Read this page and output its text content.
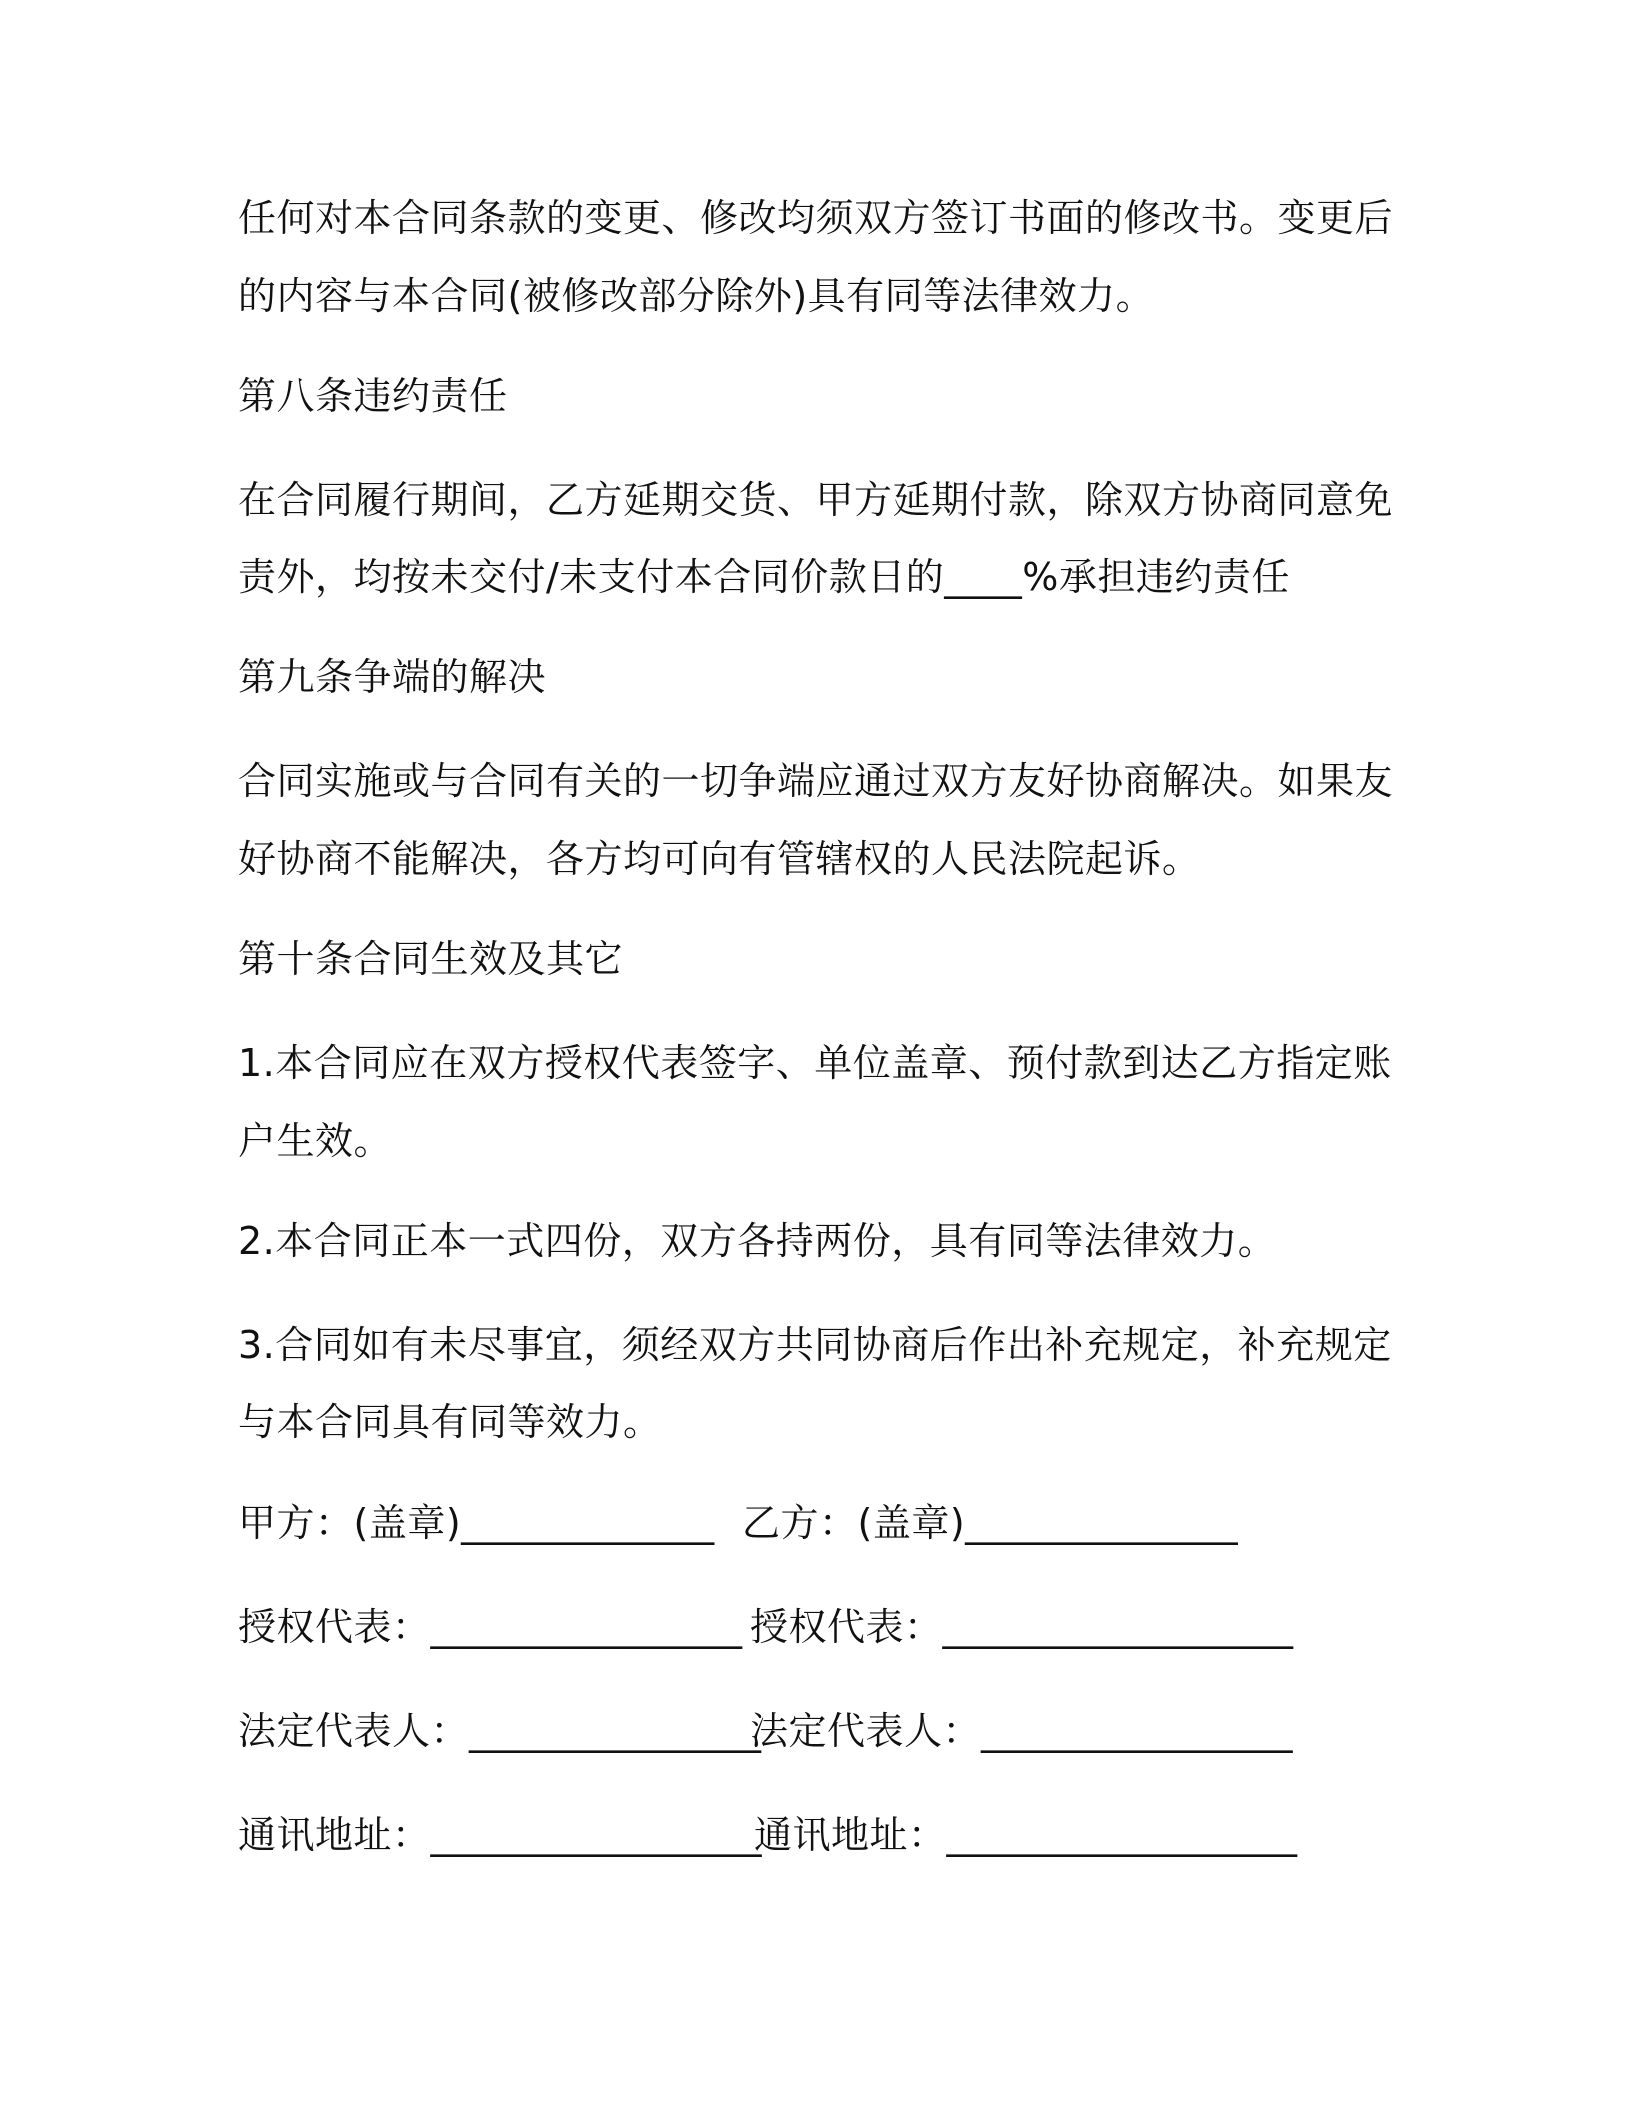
任何对本合同条款的变更、修改均须双方签订书面的修改书。变更后
的内容与本合同(被修改部分除外)具有同等法律效力。
第八条违约责任
在合同履行期间，乙方延期交货、甲方延期付款，除双方协商同意免
责外，均按未交付/未支付本合同价款日的____%承担违约责任
第九条争端的解决
合同实施或与合同有关的一切争端应通过双方友好协商解决。如果友
好协商不能解决，各方均可向有管辖权的人民法院起诉。
第十条合同生效及其它
1.本合同应在双方授权代表签字、单位盖章、预付款到达乙方指定账
户生效。
2.本合同正本一式四份，双方各持两份，具有同等法律效力。
3.合同如有未尽事宜，须经双方共同协商后作出补充规定，补充规定
与本合同具有同等效力。
甲方：(盖章)_____________ 乙方：(盖章)______________
授权代表：________________ 授权代表：__________________
法定代表人：_______________
法定代表人：________________
通讯地址：_________________
通讯地址：__________________
